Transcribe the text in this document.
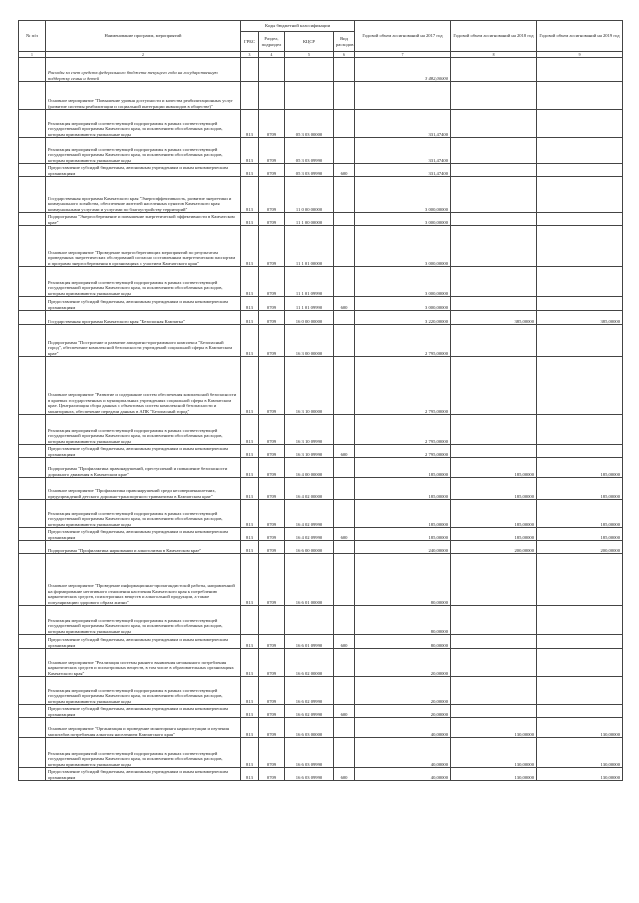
№ п/п	Наименование программ, мероприятий	Коды бюджетной классификации				Годовой объем ассигнований на 2017 год	Годовой объем ассигнований на 2018 год	Годовой объем ассигнований на 2019 год
		ГРБС	Раздел, подраздел	КЦСР	Вид расходов			
1	2	3	4	5	6	7	8	9
	Расходы за счет средств федерального бюджета текущего года на государственную поддержку семьи и детей					3 482,00000		
	Основное мероприятие "Повышение уровня доступности и качества реабилитационных услуг (развитие системы реабилитации и социальной интеграции инвалидов в обществе)"							
	Реализация мероприятий соответствующей подпрограммы в рамках соответствующей государственной программы Камчатского края, за исключением обособленных расходов, которым присваиваются уникальные коды	813	0709	05 3 03 00000		331,47400		
	Реализация мероприятий соответствующей подпрограммы в рамках соответствующей государственной программы Камчатского края, за исключением обособленных расходов, которым присваиваются уникальные коды	813	0709	05 3 03 09990		331,47400		
	Предоставление субсидий бюджетным, автономным учреждениям и иным некоммерческим организациям	813	0709	05 3 03 09990	600	331,47400		
	Государственная программа Камчатского края "Энергоэффективность, развитие энергетики и коммунального хозяйства, обеспечение жителей населенных пунктов Камчатского края коммунальными услугами и услугами по благоустройству территорий"	813	0709	11 0 00 00000		3 000,00000		
	Подпрограмма "Энергосбережение и повышение энергетической эффективности в Камчатском крае"	813	0709	11 1 00 00000		3 000,00000		
	Основное мероприятие "Проведение энергосберегающих мероприятий по результатам проведенных энергетических обследований согласно составленным энергетическим паспортам и программ энергосбережения в организациях с участием Камчатского края"	813	0709	11 1 01 00000		3 000,00000		
	Реализация мероприятий соответствующей подпрограммы в рамках соответствующей государственной программы Камчатского края, за исключением обособленных расходов, которым присваиваются уникальные коды	813	0709	11 1 01 09990		3 000,00000		
	Предоставление субсидий бюджетным, автономным учреждениям и иным некоммерческим организациям	813	0709	11 1 01 09990	600	3 000,00000		
	Государственная программа Камчатского края "Безопасная Камчатка"	813	0709	16 0 00 00000		3 220,00000	385,00000	385,00000
	Подпрограмма "Построение и развитие аппаратно-программного комплекса "Безопасный город", обеспечение комплексной безопасности учреждений социальной сферы в Камчатском крае"	813	0709	16 3 00 00000		2 795,00000		
	Основное мероприятие "Развитие и содержание систем обеспечения комплексной безопасности в краевых государственных и муниципальных учреждениях социальной сферы в Камчатском крае. Централизация сбора данных с объектовых систем комплексной безопасности и мониторинга, обеспечение передачи данных в АПК "Безопасный город"	813	0709	16 3 10 00000		2 795,00000		
	Реализация мероприятий соответствующей подпрограммы в рамках соответствующей государственной программы Камчатского края, за исключением обособленных расходов, которым присваиваются уникальные коды	813	0709	16 3 10 09990		2 795,00000		
	Предоставление субсидий бюджетным, автономным учреждениям и иным некоммерческим организациям	813	0709	16 3 10 09990	600	2 795,00000		
	Подпрограмма "Профилактика правонарушений, преступлений и повышение безопасности дорожного движения в Камчатском крае"	813	0709	16 4 00 00000		185,00000	185,00000	185,00000
	Основное мероприятие "Профилактика правонарушений среди несовершеннолетних, предупреждений детского дорожно-транспортного травматизма в Камчатском крае"	813	0709	16 4 02 00000		185,00000	185,00000	185,00000
	Реализация мероприятий соответствующей подпрограммы в рамках соответствующей государственной программы Камчатского края, за исключением обособленных расходов, которым присваиваются уникальные коды	813	0709	16 4 02 09990		185,00000	185,00000	185,00000
	Предоставление субсидий бюджетным, автономным учреждениям и иным некоммерческим организациям	813	0709	16 4 02 09990	600	185,00000	185,00000	185,00000
	Подпрограмма "Профилактика наркомании и алкоголизма в Камчатском крае"	813	0709	16 6 00 00000		240,00000	200,00000	200,00000
	Основное мероприятие "Проведение информационно-пропагандистской работы, направленной на формирование негативного отношения населения Камчатского края к потреблению наркотических средств, психотропных веществ и алкогольной продукции, а также популяризацию здорового образа жизни"	813	0709	16 6 01 00000		80,00000		
	Реализация мероприятий соответствующей подпрограммы в рамках соответствующей государственной программы Камчатского края, за исключением обособленных расходов, которым присваиваются уникальные коды					80,00000		
	Предоставление субсидий бюджетным, автономным учреждениям и иным некоммерческим организациям	813	0709	16 6 01 09990	600	80,00000		
	Основное мероприятие "Реализация системы раннего выявления незаконного потребления наркотических средств и психотропных веществ, в том числе в образовательных организациях Камчатского края"	813	0709	16 6 02 00000		20,00000		
	Реализация мероприятий соответствующей подпрограммы в рамках соответствующей государственной программы Камчатского края, за исключением обособленных расходов, которым присваиваются уникальные коды	813	0709	16 6 02 09990		20,00000		
	Предоставление субсидий бюджетным, автономным учреждениям и иным некоммерческим организациям	813	0709	16 6 02 09990	600	20,00000		
	Основное мероприятие "Организация и проведение мониторинга наркоситуации и изучения масштабов потребления алкоголя населением Камчатского края"	813	0709	16 6 03 00000		40,00000	130,00000	130,00000
	Реализация мероприятий соответствующей подпрограммы в рамках соответствующей государственной программы Камчатского края, за исключением обособленных расходов, которым присваиваются уникальные коды	813	0709	16 6 03 09990		40,00000	130,00000	130,00000
	Предоставление субсидий бюджетным, автономным учреждениям и иным некоммерческим организациям	813	0709	16 6 03 09990	600	40,00000	130,00000	130,00000
